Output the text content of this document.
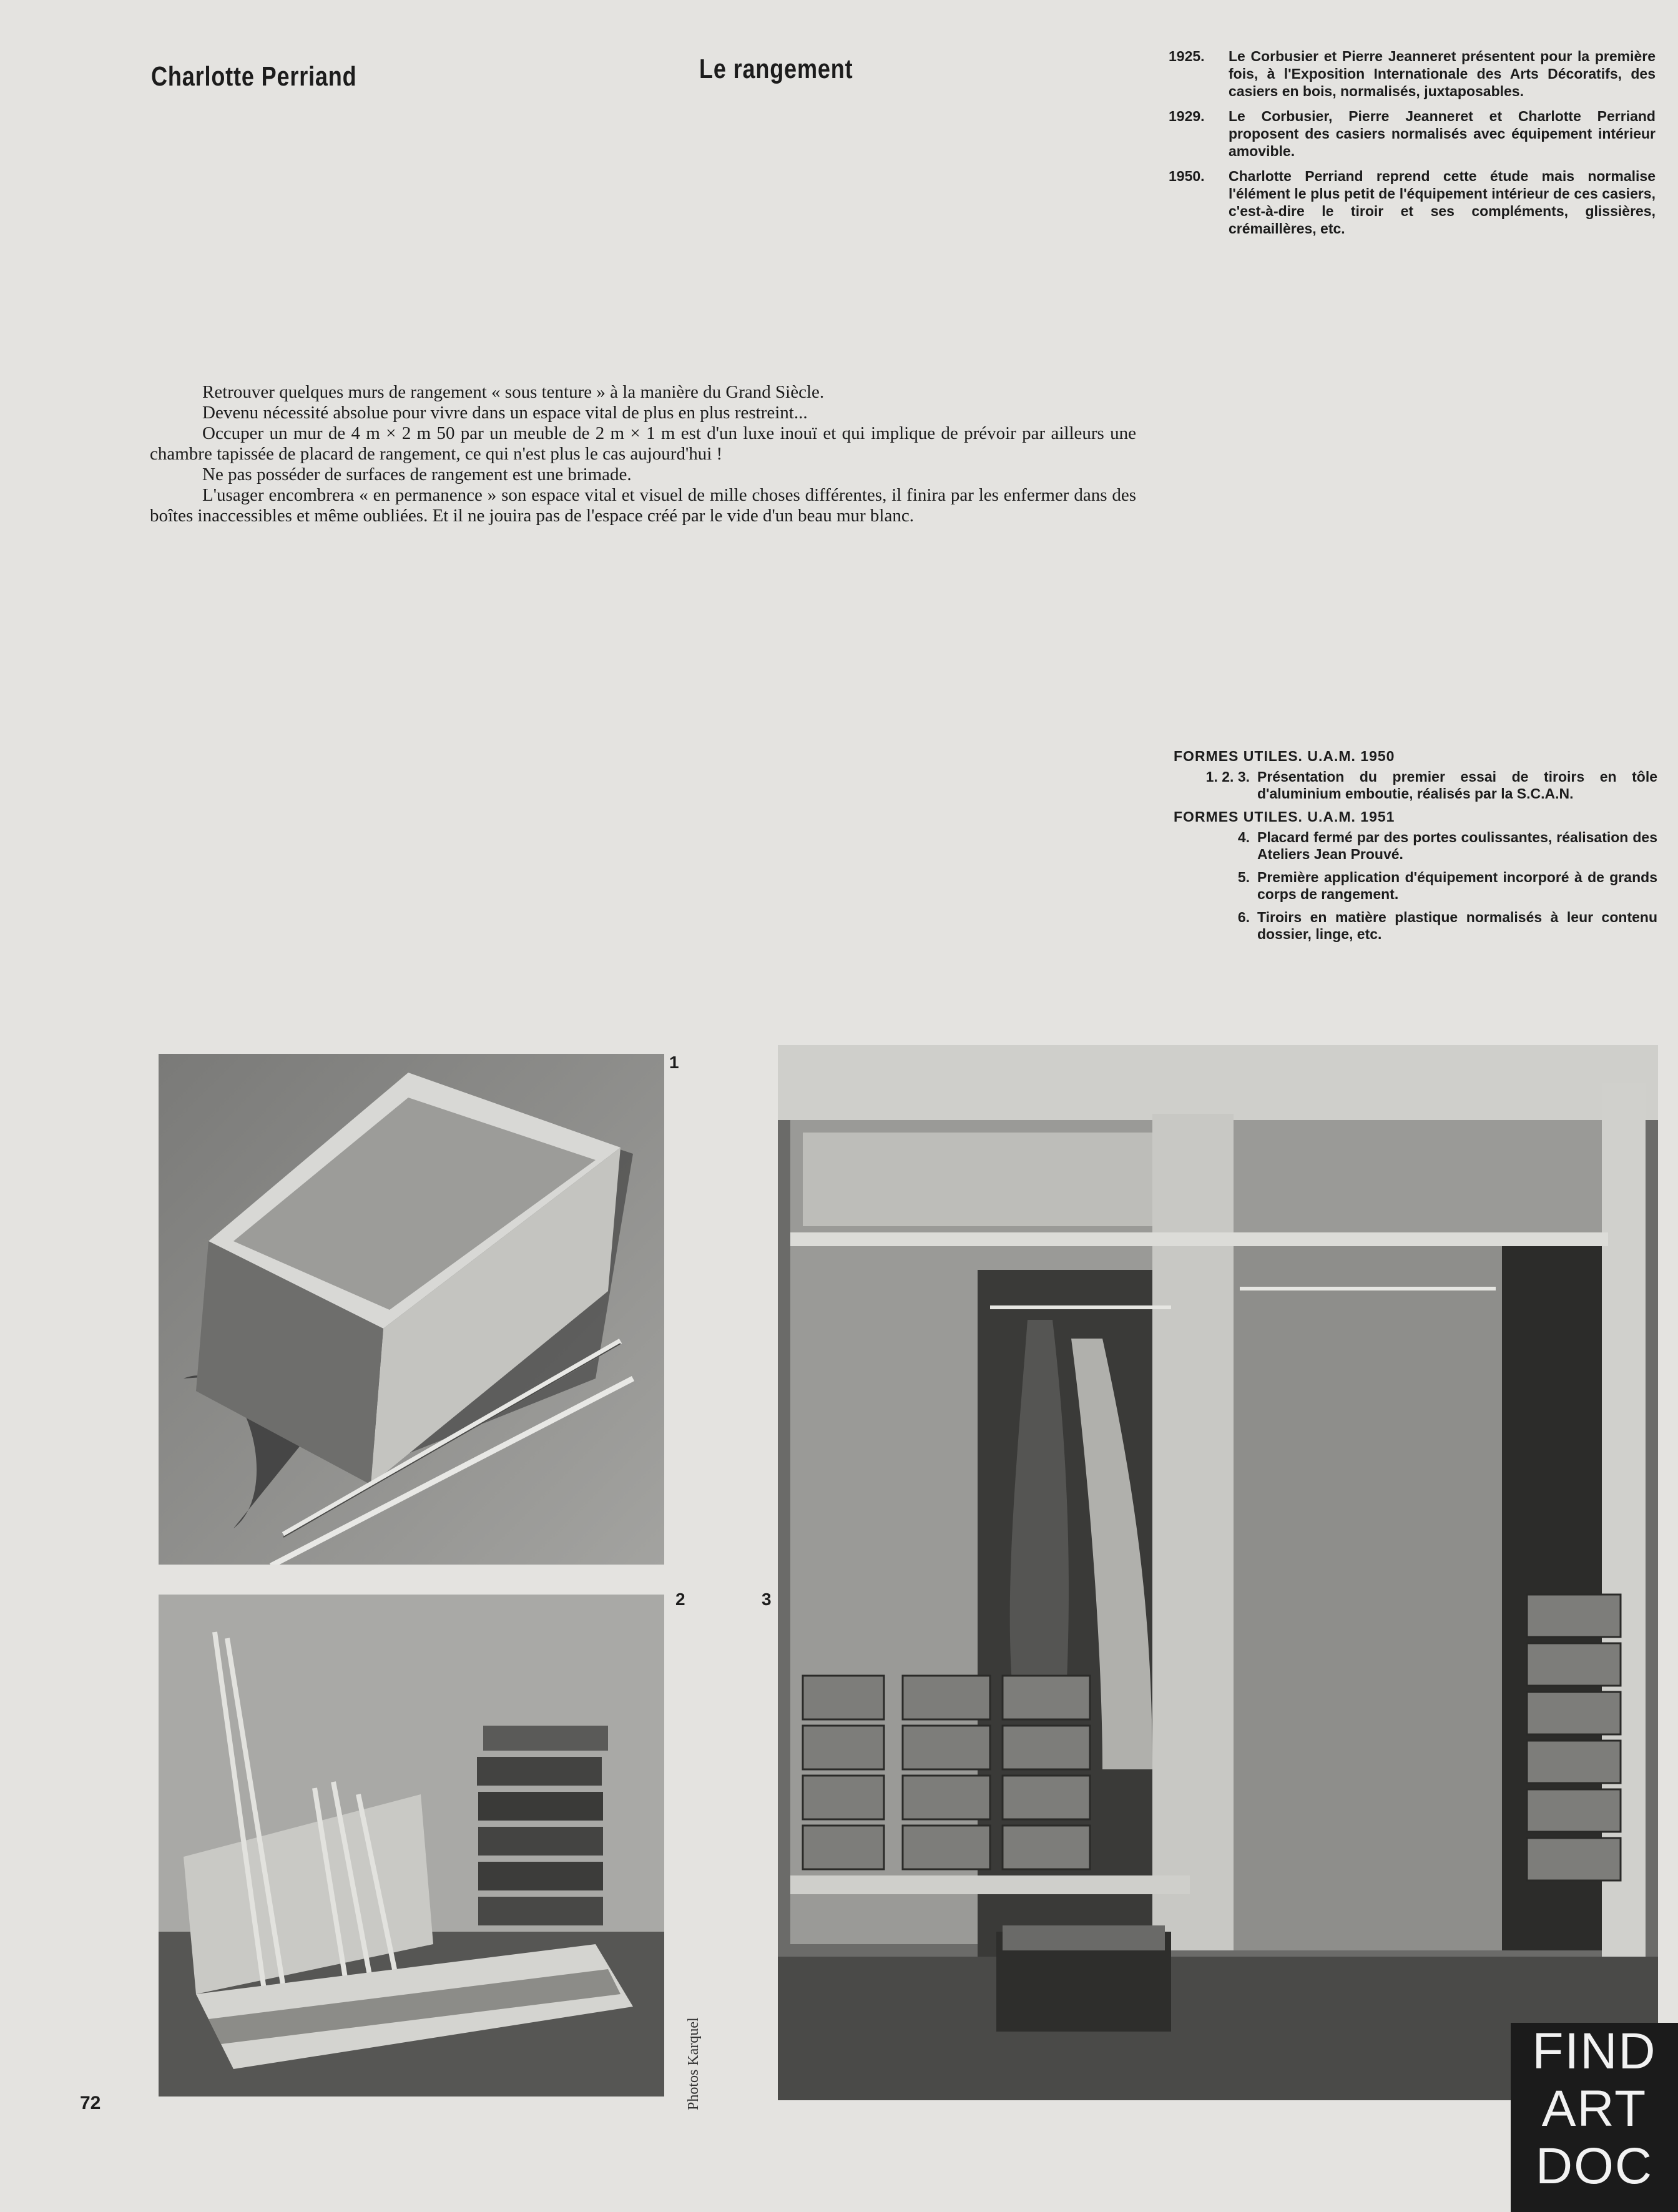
Charlotte Perriand	Le rangement	1925.	Le Corbusier et Pierre Jeanneret présentent pour la première fois, à l'Exposition Internationale des Arts Décoratifs, des casiers en bois, normalisés, juxtaposables.
1929.	Le Corbusier, Pierre Jeanneret et Charlotte Perriand proposent des casiers normalisés avec équipement intérieur amovible.
1950.	Charlotte Perriand reprend cette étude mais normalise l'élément le plus petit de l'équipement intérieur de ces casiers, c'est-à-dire le tiroir et ses compléments, glissières, crémaillères, etc.

Retrouver quelques murs de rangement « sous tenture » à la manière du Grand Siècle.

Devenu nécessité absolue pour vivre dans un espace vital de plus en plus restreint...

Occuper un mur de 4 m × 2 m 50 par un meuble de 2 m × 1 m est d'un luxe inouï et qui implique de prévoir par ailleurs une chambre tapissée de placard de rangement, ce qui n'est plus le cas aujourd'hui !

Ne pas posséder de surfaces de rangement est une brimade.

L'usager encombrera « en permanence » son espace vital et visuel de mille choses différentes, il finira par les enfermer dans des boîtes inaccessibles et même oubliées. Et il ne jouira pas de l'espace créé par le vide d'un beau mur blanc.

FORMES UTILES. U.A.M. 1950
1. 2. 3. Présentation du premier essai de tiroirs en tôle d'aluminium emboutie, réalisés par la S.C.A.N.
FORMES UTILES. U.A.M. 1951
4. Placard fermé par des portes coulissantes, réalisation des Ateliers Jean Prouvé.
5. Première application d'équipement incorporé à de grands corps de rangement.
6. Tiroirs en matière plastique normalisés à leur contenu dossier, linge, etc.
1
2
Photos Karquel
3
72
FIND
ART
DOC
